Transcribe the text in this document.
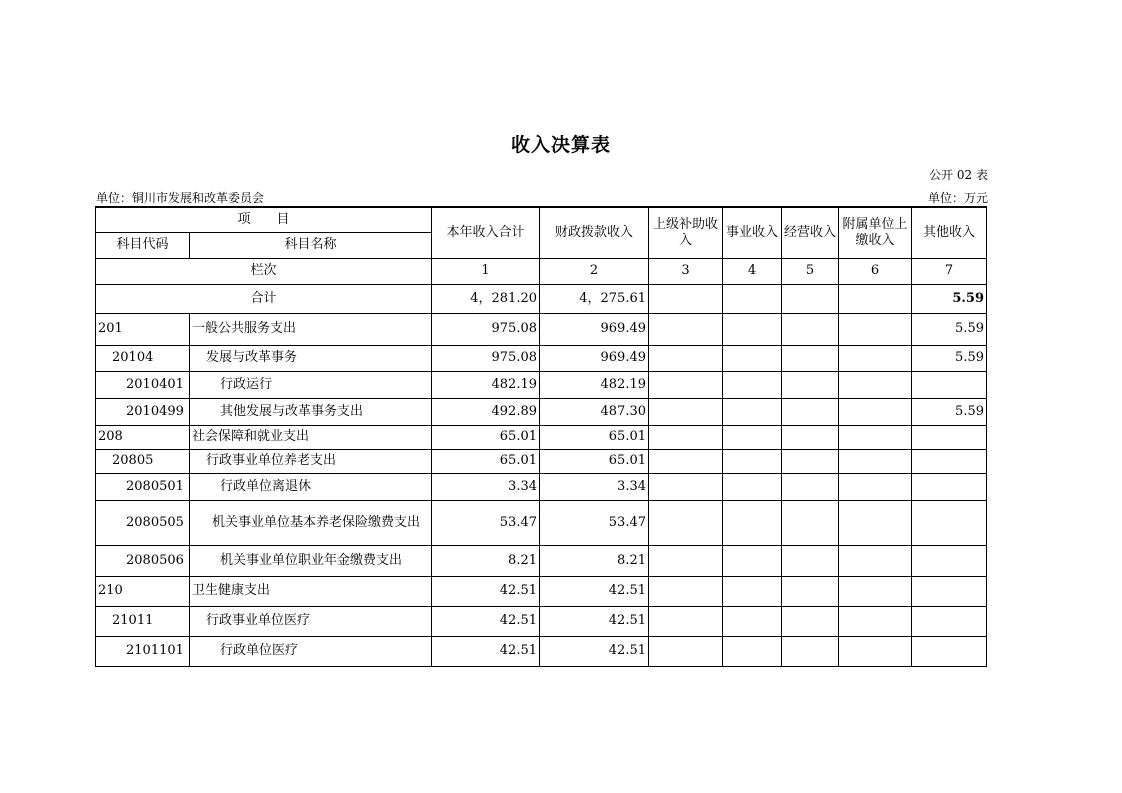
收入决算表
公开 02 表
单位：铜川市发展和改革委员会	单位：万元
项　　目		本年收入合计	财政拨款收入	上级补助收入	事业收入	经营收入	附属单位上缴收入	其他收入
科目代码	科目名称							
栏次		1	2	3	4	5	6	7
合计		4，281.20	4，275.61					5.59
201	一般公共服务支出	975.08	969.49					5.59
20104	发展与改革事务	975.08	969.49					5.59
2010401	行政运行	482.19	482.19					
2010499	其他发展与改革事务支出	492.89	487.30					5.59
208	社会保障和就业支出	65.01	65.01					
20805	行政事业单位养老支出	65.01	65.01					
2080501	行政单位离退休	3.34	3.34					
2080505	机关事业单位基本养老保险缴费支出	53.47	53.47					
2080506	机关事业单位职业年金缴费支出	8.21	8.21					
210	卫生健康支出	42.51	42.51					
21011	行政事业单位医疗	42.51	42.51					
2101101	行政单位医疗	42.51	42.51					
